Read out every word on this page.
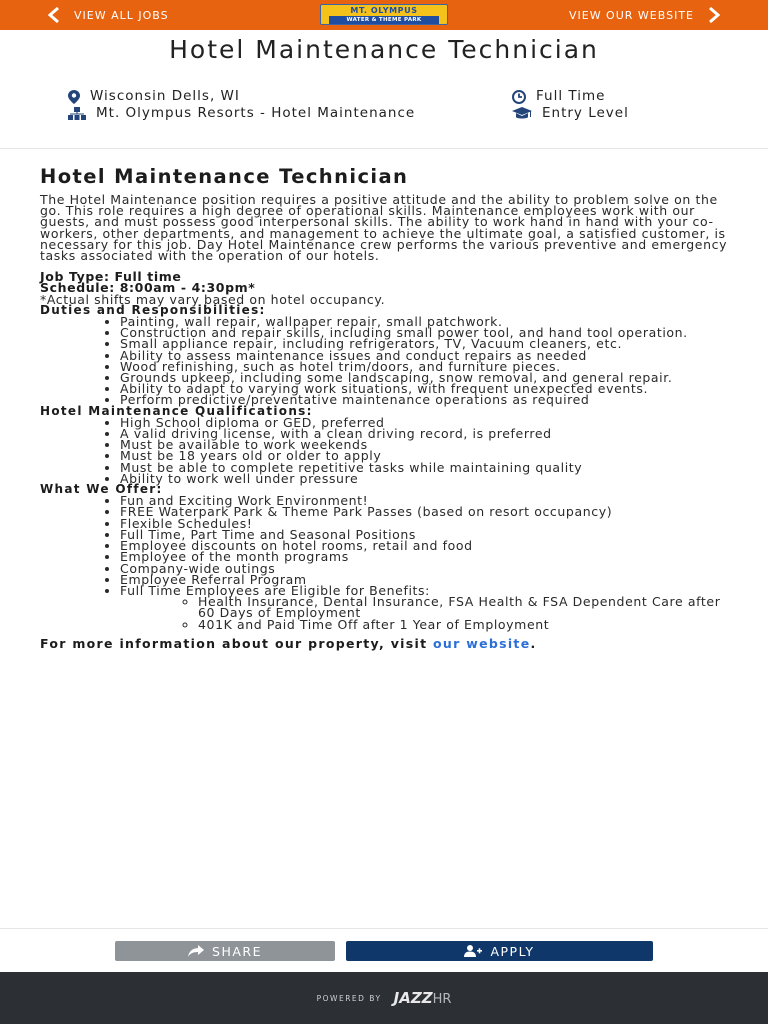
VIEW ALL JOBS	VIEW OUR WEBSITE
MT. OLYMPUS
WATER & THEME PARK
Hotel Maintenance Technician
Wisconsin Dells, WI
Mt. Olympus Resorts - Hotel Maintenance
Full Time
Entry Level
Hotel Maintenance Technician

The Hotel Maintenance position requires a positive attitude and the ability to problem solve on the go. This role requires a high degree of operational skills. Maintenance employees work with our guests, and must possess good interpersonal skills. The ability to work hand in hand with your co-workers, other departments, and management to achieve the ultimate goal, a satisfied customer, is necessary for this job. Day Hotel Maintenance crew performs the various preventive and emergency tasks associated with the operation of our hotels.

Job Type: Full time

Schedule: 8:00am - 4:30pm*

*Actual shifts may vary based on hotel occupancy.

Duties and Responsibilities:

• Painting, wall repair, wallpaper repair, small patchwork.
• Construction and repair skills, including small power tool, and hand tool operation.
• Small appliance repair, including refrigerators, TV, Vacuum cleaners, etc.
• Ability to assess maintenance issues and conduct repairs as needed
• Wood refinishing, such as hotel trim/doors, and furniture pieces.
• Grounds upkeep, including some landscaping, snow removal, and general repair.
• Ability to adapt to varying work situations, with frequent unexpected events.
• Perform predictive/preventative maintenance operations as required

Hotel Maintenance Qualifications:

• High School diploma or GED, preferred
• A valid driving license, with a clean driving record, is preferred
• Must be available to work weekends
• Must be 18 years old or older to apply
• Must be able to complete repetitive tasks while maintaining quality
• Ability to work well under pressure

What We Offer:

• Fun and Exciting Work Environment!
• FREE Waterpark Park & Theme Park Passes (based on resort occupancy)
• Flexible Schedules!
• Full Time, Part Time and Seasonal Positions
• Employee discounts on hotel rooms, retail and food
• Employee of the month programs
• Company-wide outings
• Employee Referral Program
• Full Time Employees are Eligible for Benefits:
◦ Health Insurance, Dental Insurance, FSA Health & FSA Dependent Care after 60 Days of Employment
◦ 401K and Paid Time Off after 1 Year of Employment

For more information about our property, visit our website.

SHARE	APPLY
POWERED BY JAZZHR
